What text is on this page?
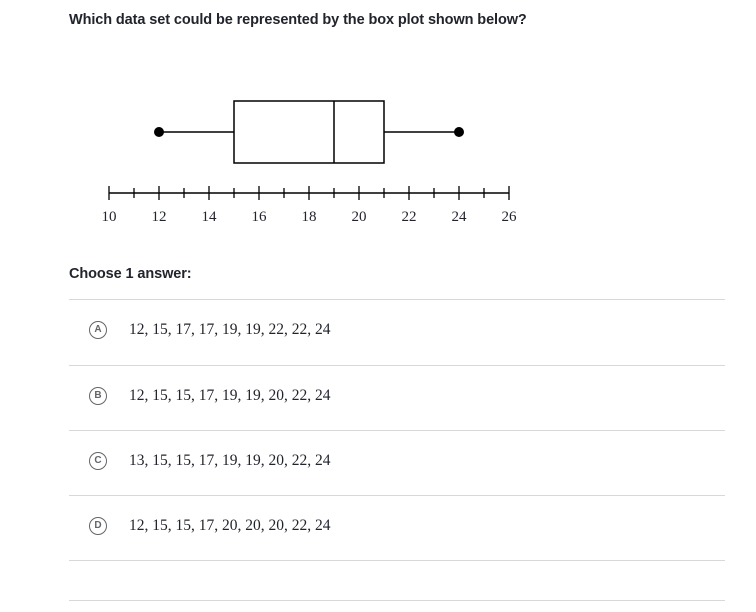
Which data set could be represented by the box plot shown below?
10 12 14 16 18 20 22 24 26
Choose 1 answer:
A	12, 15, 17, 17, 19, 19, 22, 22, 24
B	12, 15, 15, 17, 19, 19, 20, 22, 24
C	13, 15, 15, 17, 19, 19, 20, 22, 24
D	12, 15, 15, 17, 20, 20, 20, 22, 24
